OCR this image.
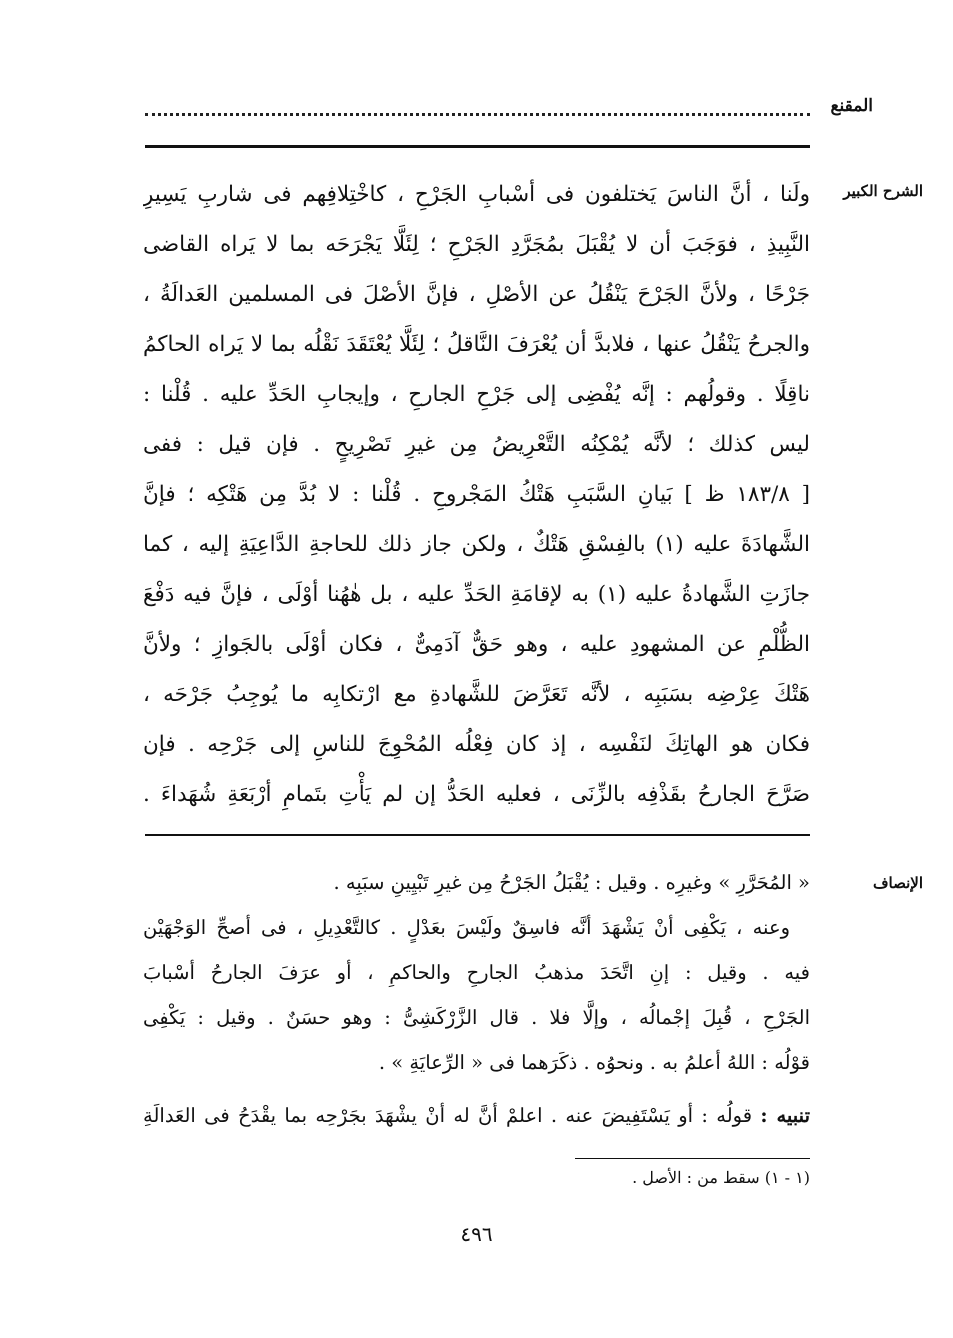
المقنع
الشرح الكبير
ولَنا ، أنَّ الناسَ يَختلفون فى أسْبابِ الجَرْحِ ، كاخْتِلافِهم فى شاربِ يَسِيرِ
النَّبِيذِ ، فوَجَبَ أن لا يُقْبَلَ بمُجَرَّدِ الجَرْحِ ؛ لِئَلَّا يَجْرَحَه بما لا يَراه القاضى
جَرْحًا ، ولأنَّ الجَرْحَ يَنْقُلُ عن الأصْلِ ، فإنَّ الأصْلَ فى المسلمين العَدالَةُ ،
والجرحُ يَنْقُلُ عنها ، فلابدَّ أن يُعْرَفَ النَّاقلُ ؛ لِئَلَّا يُعْتَقَدَ نَقْلُه بما لا يَراه الحاكمُ
ناقِلًا . وقولُهم : إنَّه يُفْضِى إلى جَرْحِ الجارحِ ، وإيجابِ الحَدِّ عليه . قُلْنا :
ليس كذلك ؛ لأنَّه يُمْكِنُه التَّعْرِيضُ مِن غيرِ تَصْرِيحٍ . فإن قيل : ففى
[ ١٨٣/٨ ظ ] بَيانِ السَّبَبِ هَتْكُ المَجْروحِ . قُلْنا : لا بُدَّ مِن هَتْكِه ؛ فإنَّ
الشَّهادَةَ عليه (١) بالفِسْقِ هَتْكٌ ، ولكن جاز ذلك للحاجةِ الدَّاعِيَةِ إليه ، كما
جازَتِ الشَّهادةُ عليه (١) به لإقامَةِ الحَدِّ عليه ، بل هٰهُنا أوْلَى ، فإنَّ فيه دَفْعَ
الظُّلْمِ عن المشهودِ عليه ، وهو حَقٌّ آدَمِىٌّ ، فكان أوْلَى بالجَوازِ ؛ ولأنَّ
هَتْكَ عِرْضِه بسَبَبِه ، لأنَّه تَعَرَّضَ للشَّهادةِ مع ارْتكابِه ما يُوجِبُ جَرْحَه ،
فكان هو الهاتِكَ لنَفْسِه ، إذ كان فِعْلُه المُحْوِجَ للناسِ إلى جَرْحِه . فإن
صَرَّحَ الجارحُ بقَذْفِه بالزِّنَى ، فعليه الحَدُّ إن لم يَأْتِ بتَمامِ أرْبَعَةِ شُهَداءَ .
الإنصاف
« المُحَرَّرِ » وغيرِه . وقيل : يُقْبَلُ الجَرْحُ مِن غيرِ تَبْيِينِ سبَبِه .
وعنه ، يَكْفِى أنْ يَشْهَدَ أنَّه فاسِقٌ ولَيْسَ بعَدْلٍ . كالتَّعْدِيلِ ، فى أصحِّ الوَجْهَيْن
فيه . وقيل : إنِ اتَّحَدَ مذهبُ الجارحِ والحاكمِ ، أو عرَفَ الجارحُ أسْبابَ
الجَرْحِ ، قُبِلَ إجْمالُه ، وإلَّا فلا . قال الزَّرْكَشِىُّ : وهو حسَنٌ . وقيل : يَكْفِى
قوْلُه : اللهُ أعلمُ به . ونحوُه . ذكَرَهما فى « الرِّعايَةِ » .
تنبيه : قولُه : أو يَسْتَفِيضَ عنه . اعلمْ أنَّ له أنْ يشْهَدَ بجَرْحِه بما يقْدَحُ فى العَدالَةِ
(١ - ١) سقط من : الأصل .
٤٩٦
